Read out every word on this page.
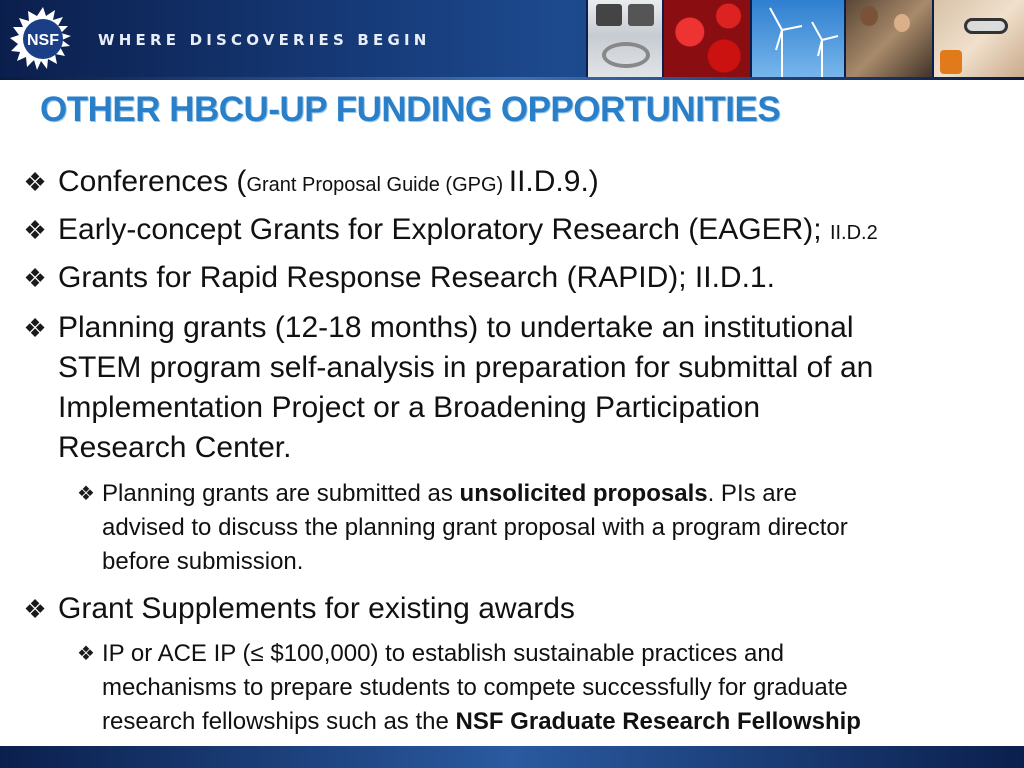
NSF	WHERE DISCOVERIES BEGIN
OTHER HBCU-UP FUNDING OPPORTUNITIES
❖ Conferences (Grant Proposal Guide (GPG) II.D.9.)
❖ Early-concept Grants for Exploratory Research (EAGER); II.D.2
❖ Grants for Rapid Response Research (RAPID); II.D.1.
❖ Planning grants (12-18 months) to undertake an institutional
STEM program self-analysis in preparation for submittal of an
Implementation Project or a Broadening Participation
Research Center.
❖ Planning grants are submitted as unsolicited proposals. PIs are
advised to discuss the planning grant proposal with a program director
before submission.
❖ Grant Supplements for existing awards
❖ IP or ACE IP (≤ $100,000) to establish sustainable practices and
mechanisms to prepare students to compete successfully for graduate
research fellowships such as the NSF Graduate Research Fellowship
